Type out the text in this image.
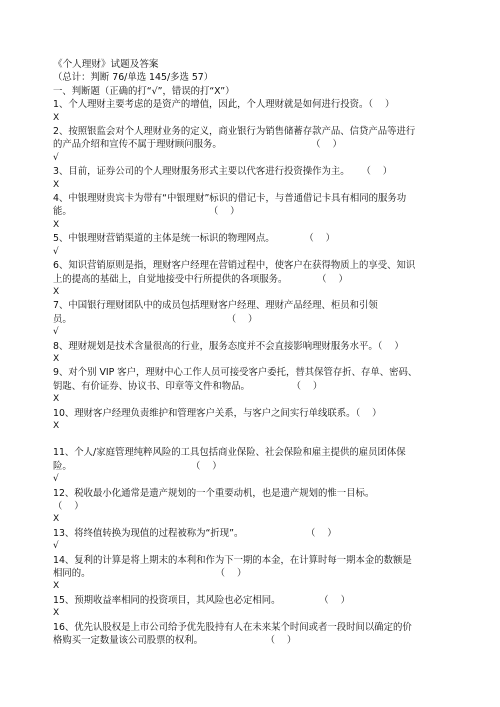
《个人理财》试题及答案
（总计：判断 76/单选 145/多选 57）
一、判断题（正确的打“√”，错误的打“X”）
1、个人理财主要考虑的是资产的增值，因此，个人理财就是如何进行投资。（    ）
X
2、按照银监会对个人理财业务的定义，商业银行为销售储蓄存款产品、信贷产品等进行
的产品介绍和宣传不属于理财顾问服务。                              （    ）
√
3、目前，证券公司的个人理财服务形式主要以代客进行投资操作为主。    （    ）
X
4、中银理财贵宾卡为带有“中银理财”标识的借记卡，与普通借记卡具有相同的服务功
能。                                              （    ）
X
5、中银理财营销渠道的主体是统一标识的物理网点。          （    ）
√
6、知识营销原则是指，理财客户经理在营销过程中，使客户在获得物质上的享受、知识
上的提高的基础上，自觉地接受中行所提供的各项服务。          （    ）
X
7、中国银行理财团队中的成员包括理财客户经理、理财产品经理、柜员和引领
员。                                                    （    ）
√
8、理财规划是技术含量很高的行业，服务态度并不会直接影响理财服务水平。（    ）
X
9、对个别 VIP 客户，理财中心工作人员可接受客户委托，替其保管存折、存单、密码、
钥匙、有价证券、协议书、印章等文件和物品。              （    ）
X
10、理财客户经理负责维护和管理客户关系，与客户之间实行单线联系。（    ）
X
11、个人/家庭管理纯粹风险的工具包括商业保险、社会保险和雇主提供的雇员团体保
险。                                        （    ）
√
12、税收最小化通常是遗产规划的一个重要动机，也是遗产规划的惟一目标。
（    ）
X
13、将终值转换为现值的过程被称为“折现”。                     （    ）
√
14、复利的计算是将上期末的本利和作为下一期的本金，在计算时每一期本金的数额是
相同的。                                          （    ）
X
15、预期收益率相同的投资项目，其风险也必定相同。             （    ）
X
16、优先认股权是上市公司给予优先股持有人在未来某个时间或者一段时间以确定的价
格购买一定数量该公司股票的权利。                     （    ）
